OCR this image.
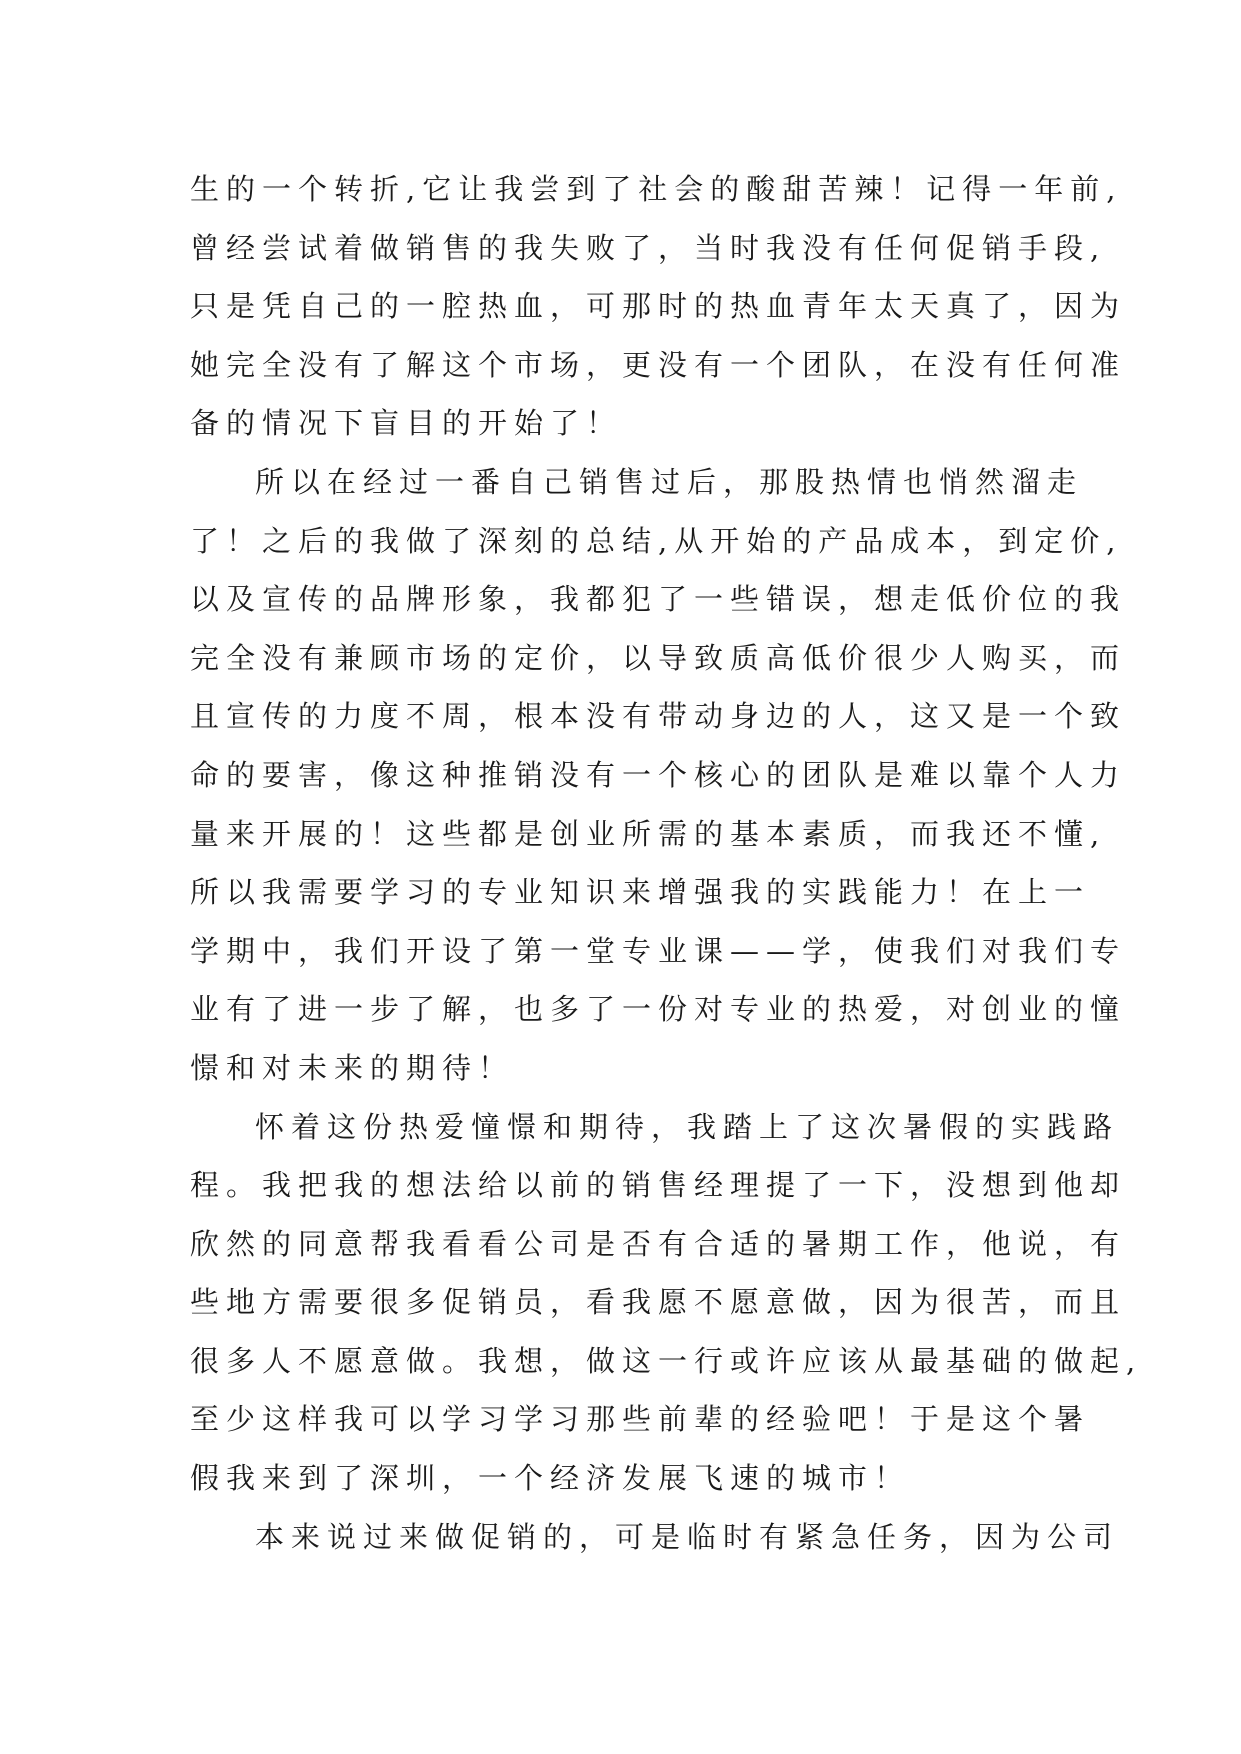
生的一个转折,它让我尝到了社会的酸甜苦辣！记得一年前,
曾经尝试着做销售的我失败了，当时我没有任何促销手段,
只是凭自己的一腔热血，可那时的热血青年太天真了，因为
她完全没有了解这个市场，更没有一个团队，在没有任何准
备的情况下盲目的开始了！
所以在经过一番自己销售过后，那股热情也悄然溜走
了！之后的我做了深刻的总结,从开始的产品成本，到定价,
以及宣传的品牌形象，我都犯了一些错误，想走低价位的我
完全没有兼顾市场的定价，以导致质高低价很少人购买，而
且宣传的力度不周，根本没有带动身边的人，这又是一个致
命的要害，像这种推销没有一个核心的团队是难以靠个人力
量来开展的！这些都是创业所需的基本素质，而我还不懂,
所以我需要学习的专业知识来增强我的实践能力！在上一
学期中，我们开设了第一堂专业课——学，使我们对我们专
业有了进一步了解，也多了一份对专业的热爱，对创业的憧
憬和对未来的期待！
怀着这份热爱憧憬和期待，我踏上了这次暑假的实践路
程。我把我的想法给以前的销售经理提了一下，没想到他却
欣然的同意帮我看看公司是否有合适的暑期工作，他说，有
些地方需要很多促销员，看我愿不愿意做，因为很苦，而且
很多人不愿意做。我想，做这一行或许应该从最基础的做起,
至少这样我可以学习学习那些前辈的经验吧！于是这个暑
假我来到了深圳，一个经济发展飞速的城市！
本来说过来做促销的，可是临时有紧急任务，因为公司
